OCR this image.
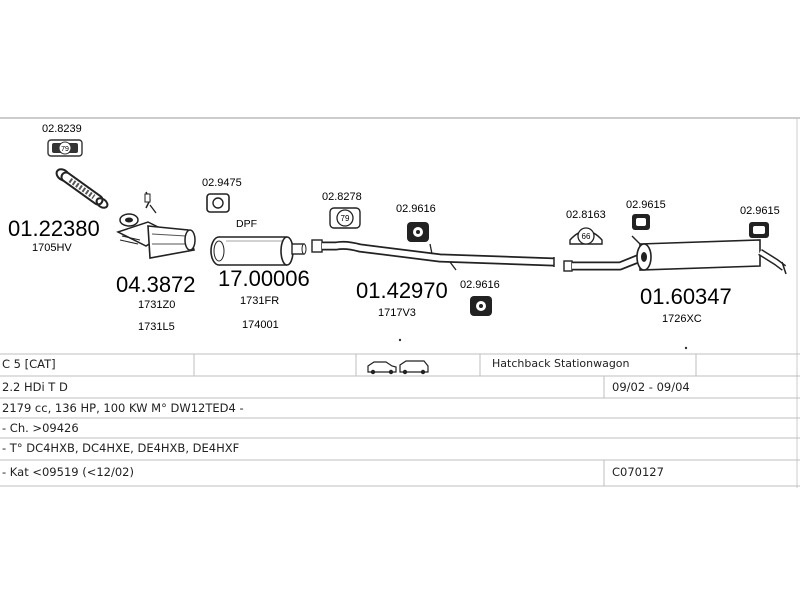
02.8239
79
01.22380
1705HV
04.3872
1731Z0
1731L5
02.9475
DPF
17.00006
1731FR
174001
02.8278
79
01.42970
1717V3
02.9616
02.9616
02.8163
66
02.9615	02.9615
01.60347
1726XC
C 5 [CAT]	Hatchback Stationwagon
2.2 HDi T D	09/02 - 09/04
2179 cc, 136 HP, 100 KW M° DW12TED4 -
- Ch. >09426
- T° DC4HXB, DC4HXE, DE4HXB, DE4HXF
- Kat <09519 (<12/02)	C070127
